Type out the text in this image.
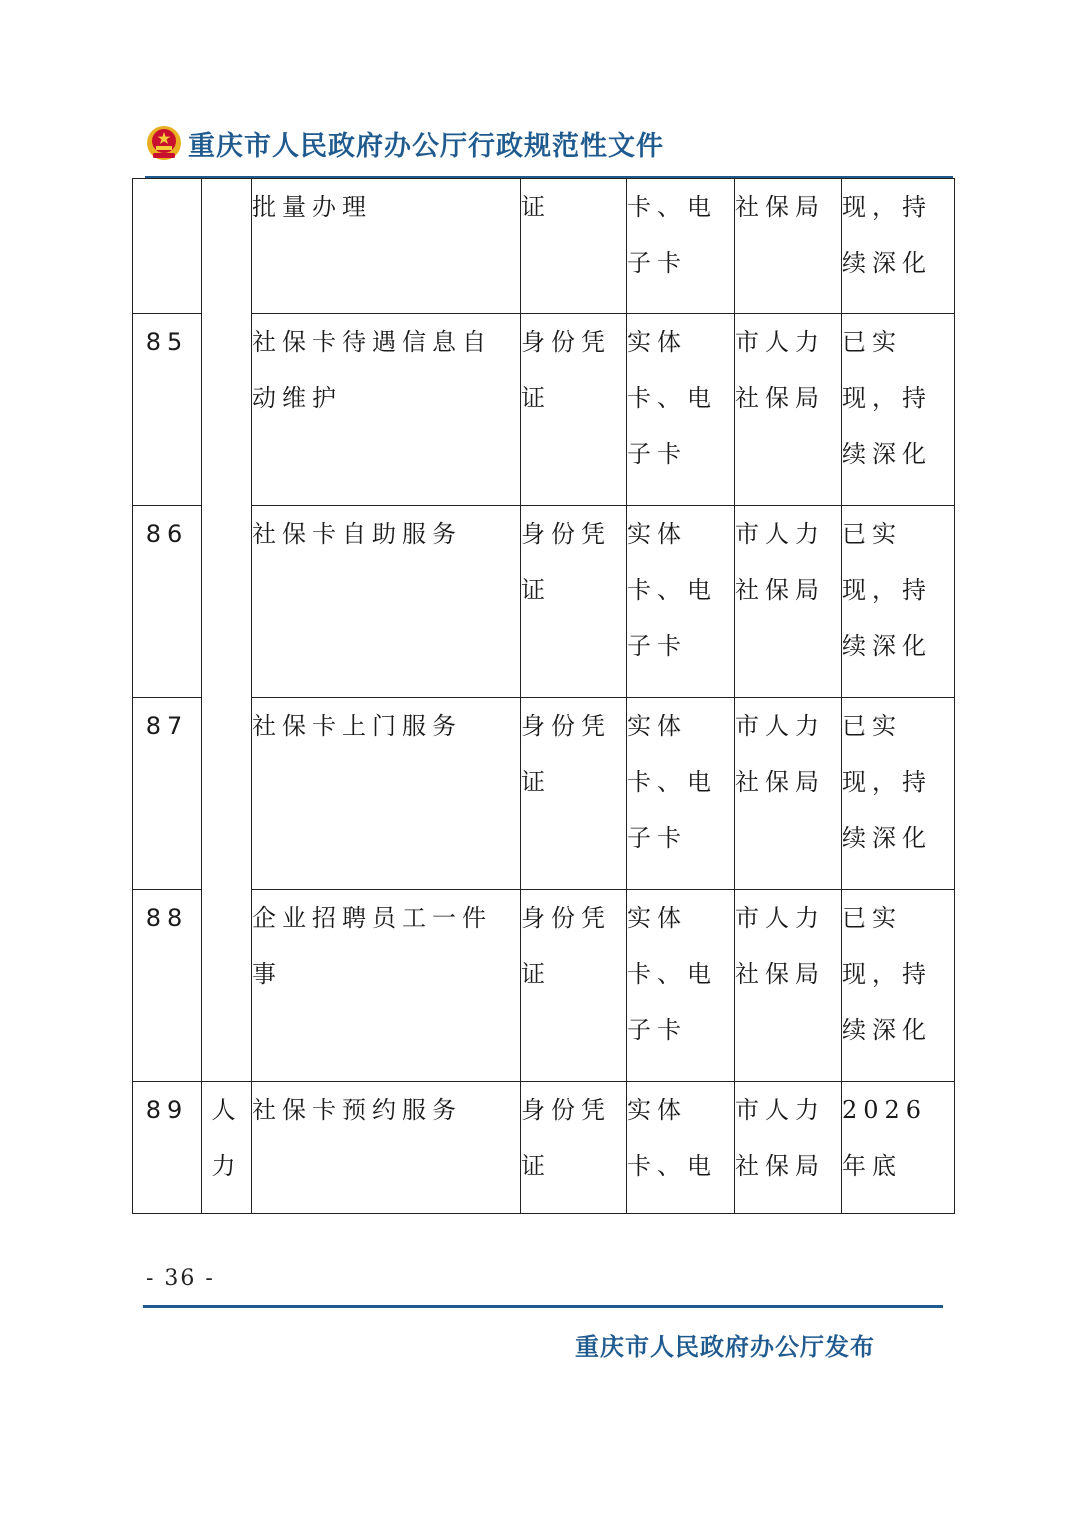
重庆市人民政府办公厅行政规范性文件
		批量办理	证	卡、电子卡	社保局	现，持续深化
85		社保卡待遇信息自动维护	身份凭证	实体卡、电子卡	市人力社保局	已实现，持续深化
86		社保卡自助服务	身份凭证	实体卡、电子卡	市人力社保局	已实现，持续深化
87		社保卡上门服务	身份凭证	实体卡、电子卡	市人力社保局	已实现，持续深化
88		企业招聘员工一件事	身份凭证	实体卡、电子卡	市人力社保局	已实现，持续深化
89	人力	社保卡预约服务	身份凭证	实体卡、电	市人力社保局	2026 年底
- 36 -
重庆市人民政府办公厅发布
